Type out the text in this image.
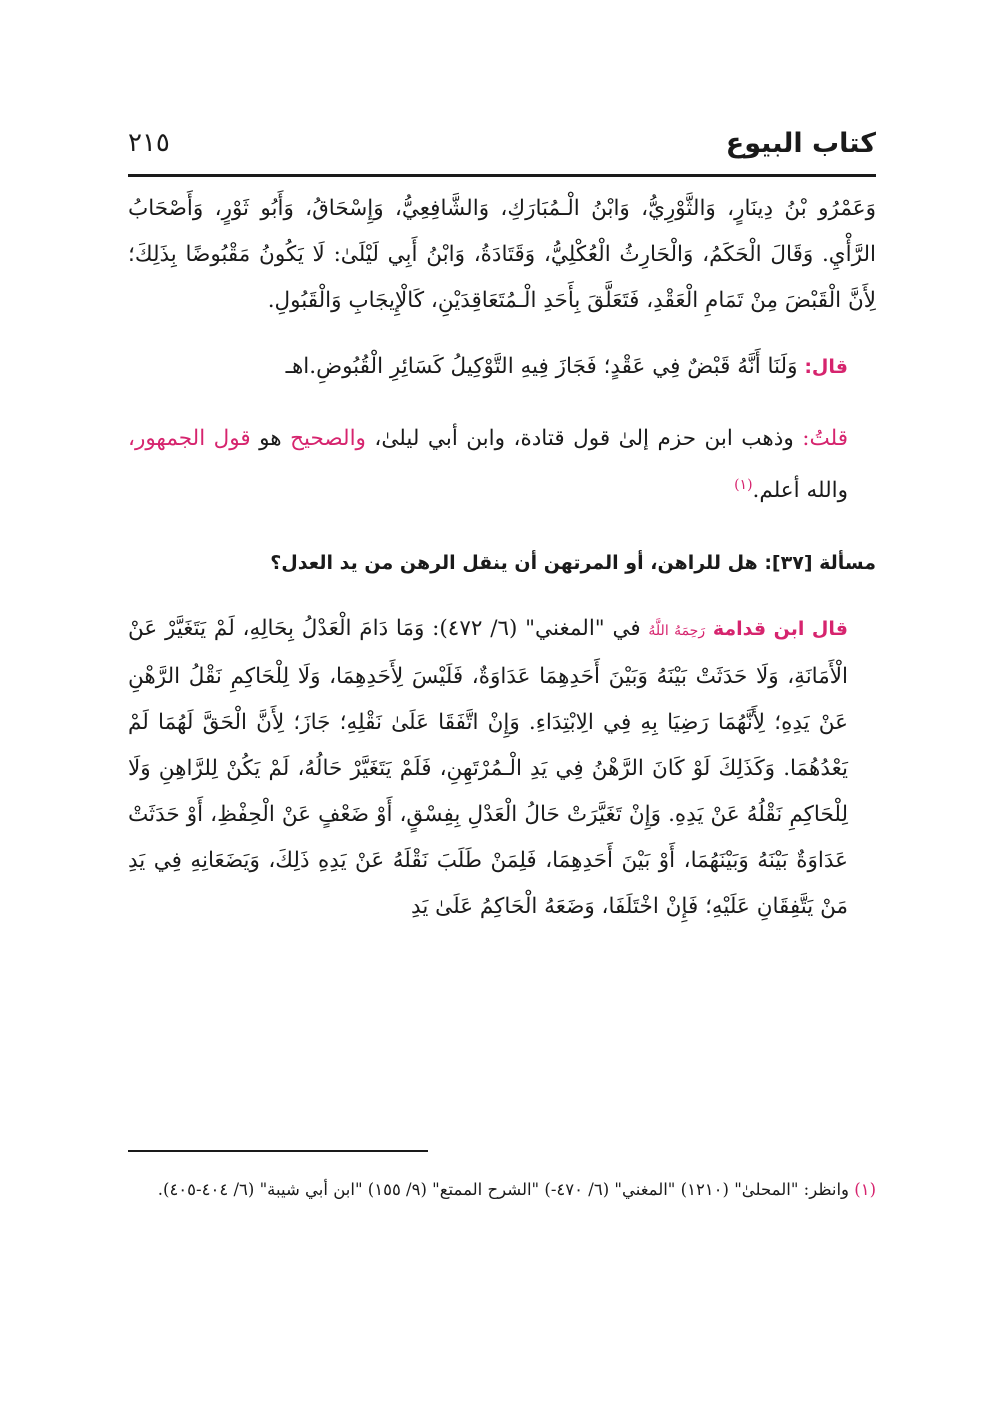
كتاب البيوع
٢١٥

وَعَمْرُو بْنُ دِينَارٍ، وَالثَّوْرِيُّ، وَابْنُ الْـمُبَارَكِ، وَالشَّافِعِيُّ، وَإِسْحَاقُ، وَأَبُو ثَوْرٍ، وَأَصْحَابُ الرَّأْيِ. وَقَالَ الْحَكَمُ، وَالْحَارِثُ الْعُكْلِيُّ، وَقَتَادَةُ، وَابْنُ أَبِي لَيْلَىٰ: لَا يَكُونُ مَقْبُوضًا بِذَلِكَ؛ لِأَنَّ الْقَبْضَ مِنْ تَمَامِ الْعَقْدِ، فَتَعَلَّقَ بِأَحَدِ الْـمُتَعَاقِدَيْنِ، كَالْإِيجَابِ وَالْقَبُولِ.

قال: وَلَنَا أَنَّهُ قَبْضٌ فِي عَقْدٍ؛ فَجَازَ فِيهِ التَّوْكِيلُ كَسَائِرِ الْقُبُوضِ.اهـ

قلتُ: وذهب ابن حزم إلىٰ قول قتادة، وابن أبي ليلىٰ، والصحيح هو قول الجمهور، والله أعلم.$^{(١)}$

مسألة [٣٧]: هل للراهن، أو المرتهن أن ينقل الرهن من يد العدل؟

قال ابن قدامة رَحِمَهُ اللَّهُ في "المغني" (٦/ ٤٧٢): وَمَا دَامَ الْعَدْلُ بِحَالِهِ، لَمْ يَتَغَيَّرْ عَنْ الْأَمَانَةِ، وَلَا حَدَثَتْ بَيْنَهُ وَبَيْنَ أَحَدِهِمَا عَدَاوَةٌ، فَلَيْسَ لِأَحَدِهِمَا، وَلَا لِلْحَاكِمِ نَقْلُ الرَّهْنِ عَنْ يَدِهِ؛ لِأَنَّهُمَا رَضِيَا بِهِ فِي الِابْتِدَاءِ. وَإِنْ اتَّفَقَا عَلَىٰ نَقْلِهِ؛ جَازَ؛ لِأَنَّ الْحَقَّ لَهُمَا لَمْ يَعْدُهُمَا. وَكَذَلِكَ لَوْ كَانَ الرَّهْنُ فِي يَدِ الْـمُرْتَهِنِ، فَلَمْ يَتَغَيَّرْ حَالُهُ، لَمْ يَكُنْ لِلرَّاهِنِ وَلَا لِلْحَاكِمِ نَقْلُهُ عَنْ يَدِهِ. وَإِنْ تَغَيَّرَتْ حَالُ الْعَدْلِ بِفِسْقٍ، أَوْ ضَعْفٍ عَنْ الْحِفْظِ، أَوْ حَدَثَتْ عَدَاوَةٌ بَيْنَهُ وَبَيْنَهُمَا، أَوْ بَيْنَ أَحَدِهِمَا، فَلِمَنْ طَلَبَ نَقْلَهُ عَنْ يَدِهِ ذَلِكَ، وَيَضَعَانِهِ فِي يَدِ مَنْ يَتَّفِقَانِ عَلَيْهِ؛ فَإِنْ اخْتَلَفَا، وَضَعَهُ الْحَاكِمُ عَلَىٰ يَدِ

(١) وانظر: "المحلىٰ" (١٢١٠) "المغني" (٦/ ٤٧٠-) "الشرح الممتع" (٩/ ١٥٥) "ابن أبي شيبة" (٦/ ٤٠٤-٤٠٥).
